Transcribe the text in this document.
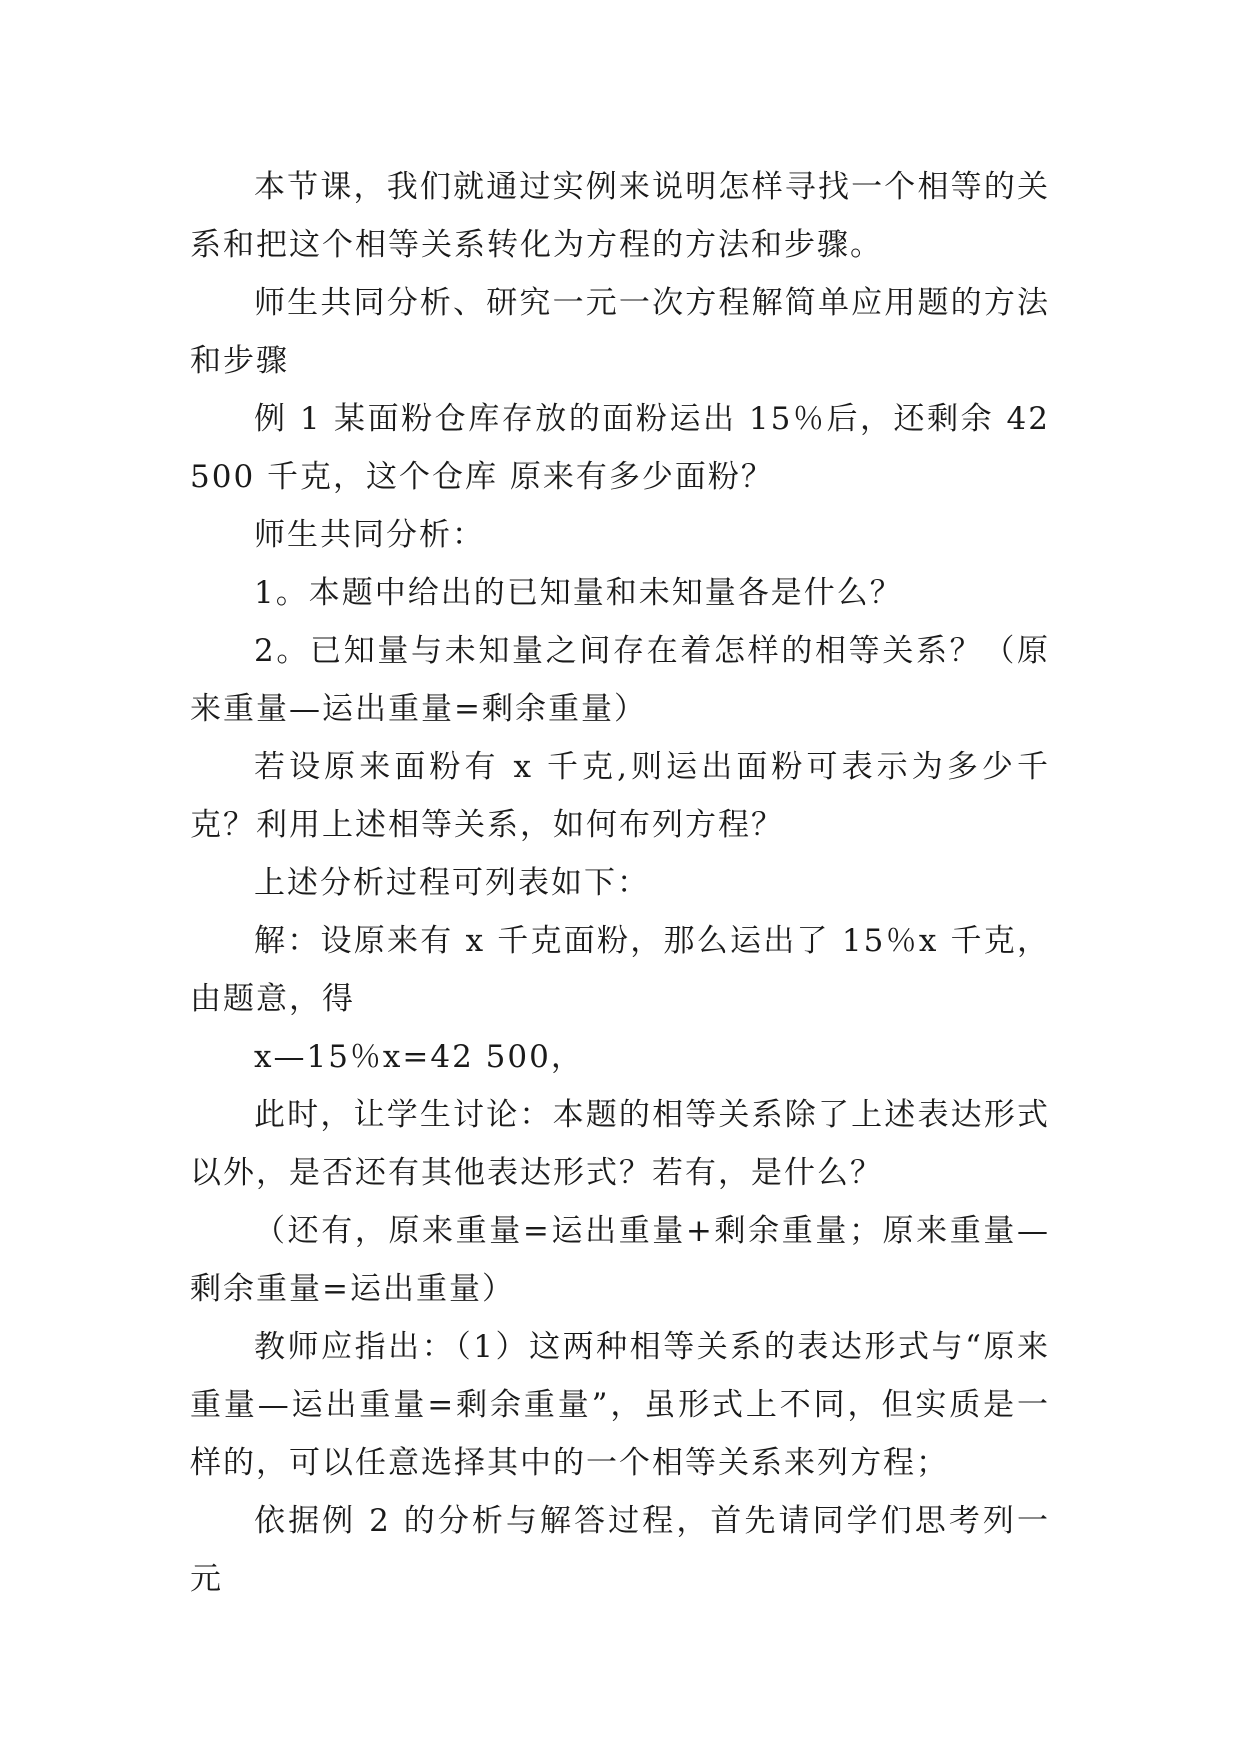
本节课，我们就通过实例来说明怎样寻找一个相等的关系和把这个相等关系转化为方程的方法和步骤。

师生共同分析、研究一元一次方程解简单应用题的方法和步骤

例 1 某面粉仓库存放的面粉运出 15％后，还剩余 42 500 千克，这个仓库 原来有多少面粉？

师生共同分析：

1。本题中给出的已知量和未知量各是什么？

2。已知量与未知量之间存在着怎样的相等关系？（原来重量—运出重量=剩余重量）

若设原来面粉有 x 千克,则运出面粉可表示为多少千克？利用上述相等关系，如何布列方程？

上述分析过程可列表如下：

解：设原来有 x 千克面粉，那么运出了 15％x 千克，由题意，得

x—15％x=42 500，

此时，让学生讨论：本题的相等关系除了上述表达形式以外，是否还有其他表达形式？若有，是什么？

（还有，原来重量=运出重量+剩余重量；原来重量—剩余重量=运出重量）

教师应指出：（1）这两种相等关系的表达形式与“原来重量—运出重量=剩余重量”，虽形式上不同，但实质是一样的，可以任意选择其中的一个相等关系来列方程；

依据例 2 的分析与解答过程，首先请同学们思考列一元
